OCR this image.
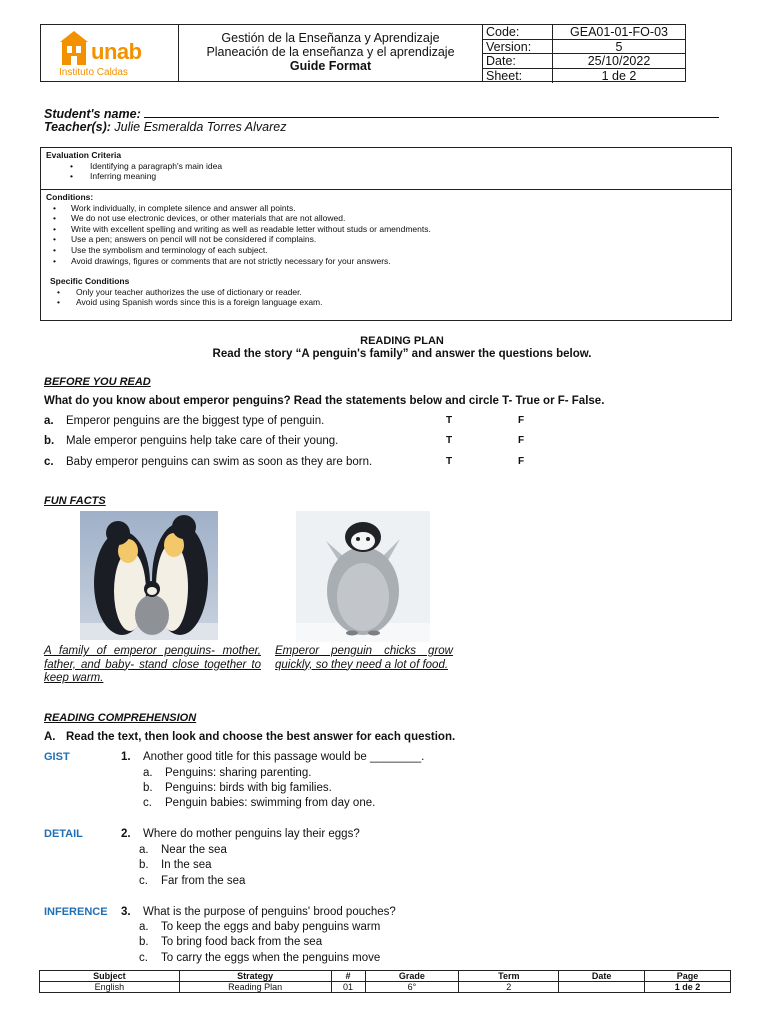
unab
Instituto Caldas
Gestión de la Enseñanza y Aprendizaje
Planeación de la enseñanza y el aprendizaje
Guide Format
Code:	GEA01-01-FO-03
Version:	5
Date:	25/10/2022
Sheet:	1 de 2
Student's name:
Teacher(s): Julie Esmeralda Torres Alvarez
Evaluation Criteria
• Identifying a paragraph's main idea
• Inferring meaning
Conditions:
• Work individually, in complete silence and answer all points.
• We do not use electronic devices, or other materials that are not allowed.
• Write with excellent spelling and writing as well as readable letter without studs or amendments.
• Use a pen; answers on pencil will not be considered if complains.
• Use the symbolism and terminology of each subject.
• Avoid drawings, figures or comments that are not strictly necessary for your answers.
Specific Conditions
• Only your teacher authorizes the use of dictionary or reader.
• Avoid using Spanish words since this is a foreign language exam.
READING PLAN
Read the story “A penguin's family” and answer the questions below.
BEFORE YOU READ
What do you know about emperor penguins? Read the statements below and circle T- True or F- False.
a. Emperor penguins are the biggest type of penguin.	T	F
b. Male emperor penguins help take care of their young.	T	F
c. Baby emperor penguins can swim as soon as they are born.	T	F
FUN FACTS
A family of emperor penguins- mother, father, and baby- stand close together to keep warm.
Emperor penguin chicks grow quickly, so they need a lot of food.
READING COMPREHENSION
A. Read the text, then look and choose the best answer for each question.
GIST	1. Another good title for this passage would be ________.
a. Penguins: sharing parenting.
b. Penguins: birds with big families.
c. Penguin babies: swimming from day one.
DETAIL	2. Where do mother penguins lay their eggs?
a. Near the sea
b. In the sea
c. Far from the sea
INFERENCE 3. What is the purpose of penguins' brood pouches?
a. To keep the eggs and baby penguins warm
b. To bring food back from the sea
c. To carry the eggs when the penguins move
Subject	Strategy	#	Grade	Term	Date	Page
English	Reading Plan	01	6°	2		1 de 2
